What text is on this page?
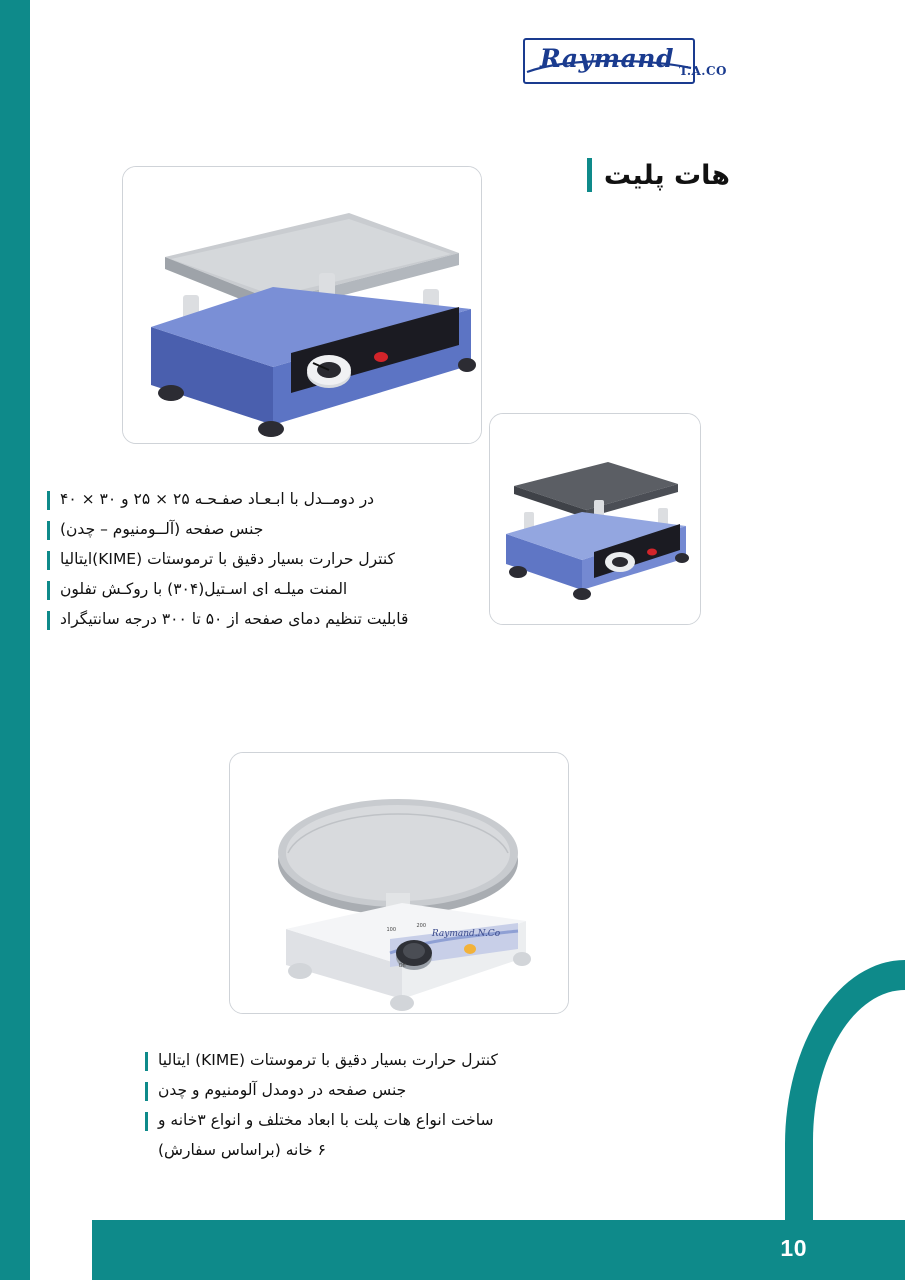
10
Raymand T.A.CO
هات پلیت
Raymand.N.Co
100
200
Off
در دومــدل با ابـعـاد صفـحـه ۲۵ × ۲۵ و ۳۰ × ۴۰
جنس صفحه (آلــومنیوم – چدن)
کنترل حرارت بسیار دقیق با ترموستات (KIME)ایتالیا
المنت میلـه ای اسـتیل(۳۰۴) با روکـش تفلون
قابلیت تنظیم دمای صفحه از ۵۰ تا ۳۰۰ درجه سانتیگراد
کنترل حرارت بسیار دقیق با ترموستات (KIME) ایتالیا
جنس صفحه در دومدل آلومنیوم و چدن
ساخت انواع هات پلت با ابعاد مختلف و انواع ۳خانه و
۶ خانه (براساس سفارش)
